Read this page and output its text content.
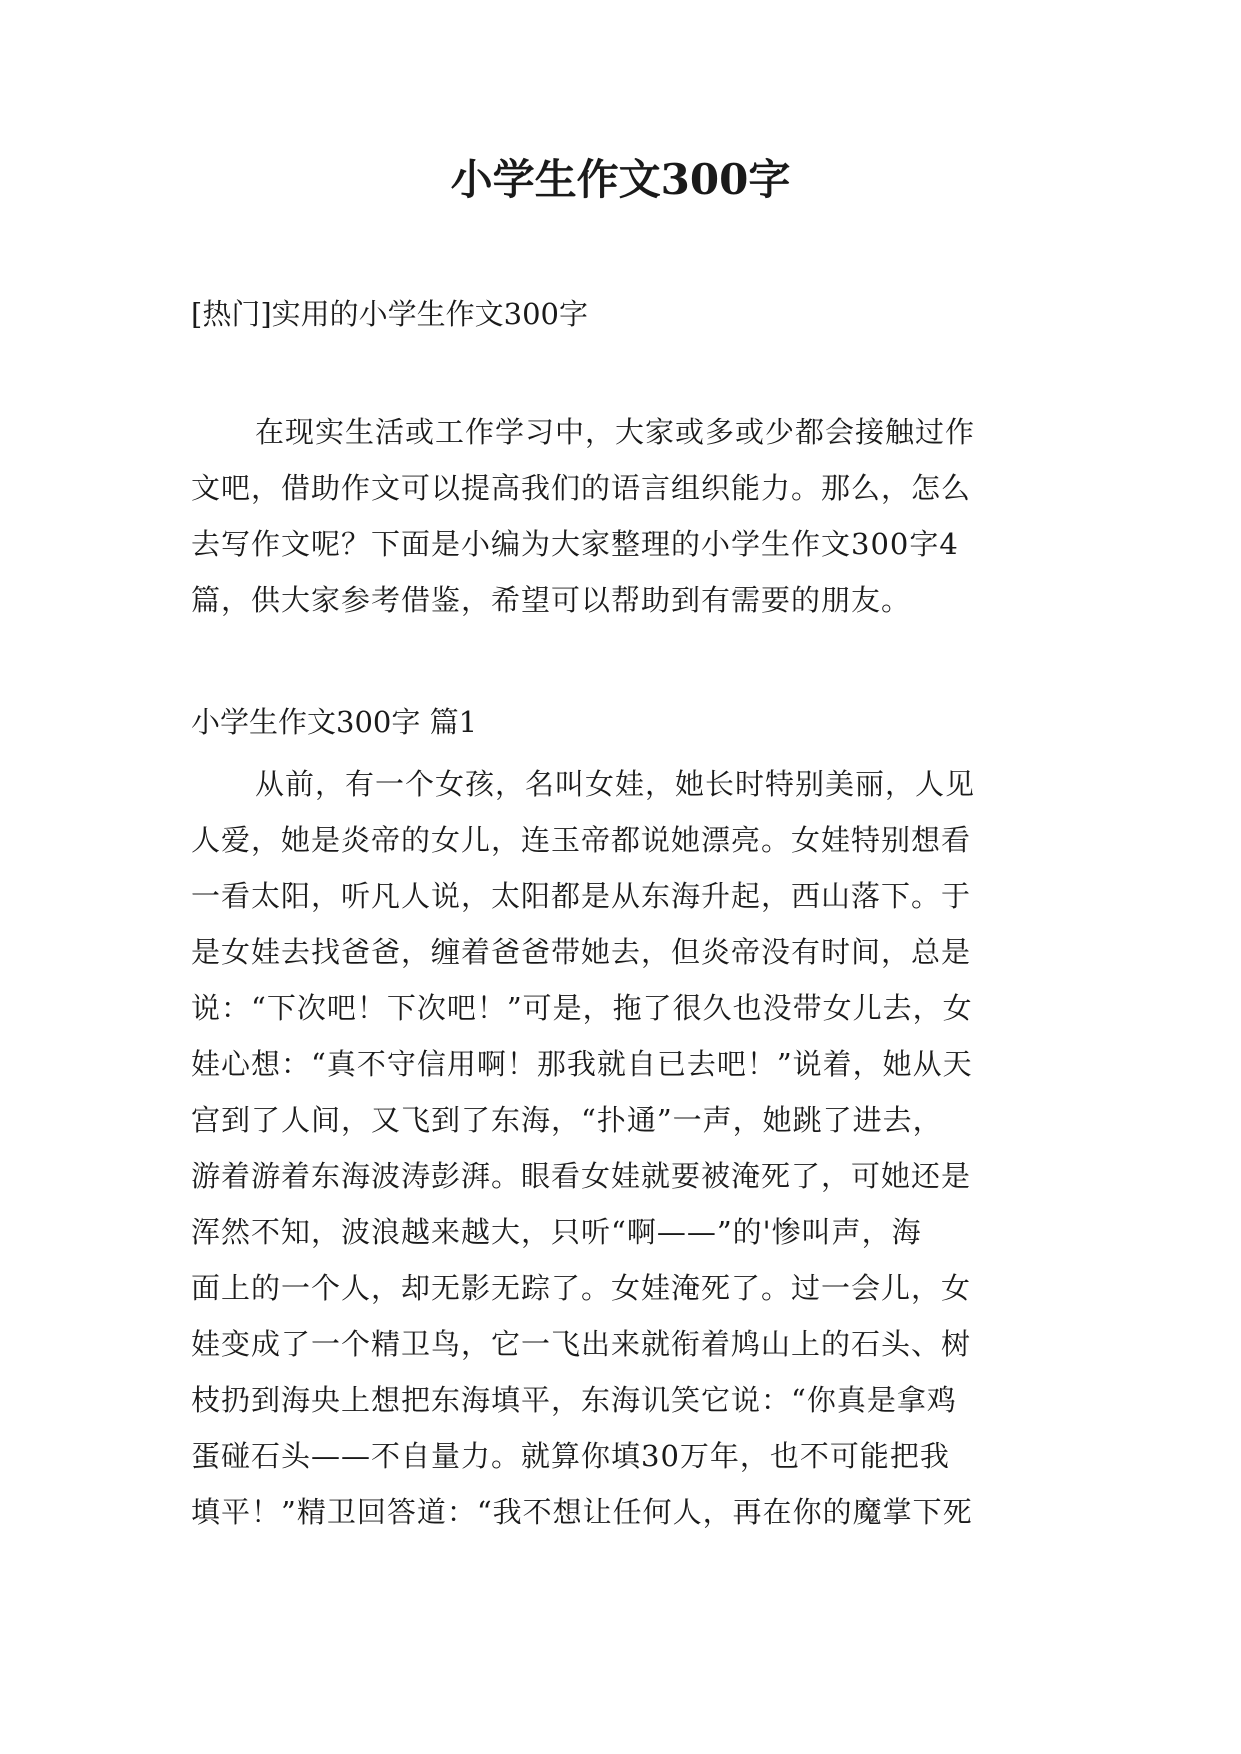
小学生作文300字

[热门]实用的小学生作文300字

在现实生活或工作学习中，大家或多或少都会接触过作
文吧，借助作文可以提高我们的语言组织能力。那么，怎么
去写作文呢？下面是小编为大家整理的小学生作文300字4
篇，供大家参考借鉴，希望可以帮助到有需要的朋友。

小学生作文300字 篇1

从前，有一个女孩，名叫女娃，她长时特别美丽，人见
人爱，她是炎帝的女儿，连玉帝都说她漂亮。女娃特别想看
一看太阳，听凡人说，太阳都是从东海升起，西山落下。于
是女娃去找爸爸，缠着爸爸带她去，但炎帝没有时间，总是
说：“下次吧！下次吧！”可是，拖了很久也没带女儿去，女
娃心想：“真不守信用啊！那我就自已去吧！”说着，她从天
宫到了人间，又飞到了东海，“扑通”一声，她跳了进去，
游着游着东海波涛彭湃。眼看女娃就要被淹死了，可她还是
浑然不知，波浪越来越大，只听“啊——”的'惨叫声，海
面上的一个人，却无影无踪了。女娃淹死了。过一会儿，女
娃变成了一个精卫鸟，它一飞出来就衔着鸠山上的石头、树
枝扔到海央上想把东海填平，东海讥笑它说：“你真是拿鸡
蛋碰石头——不自量力。就算你填30万年，也不可能把我
填平！”精卫回答道：“我不想让任何人，再在你的魔掌下死
